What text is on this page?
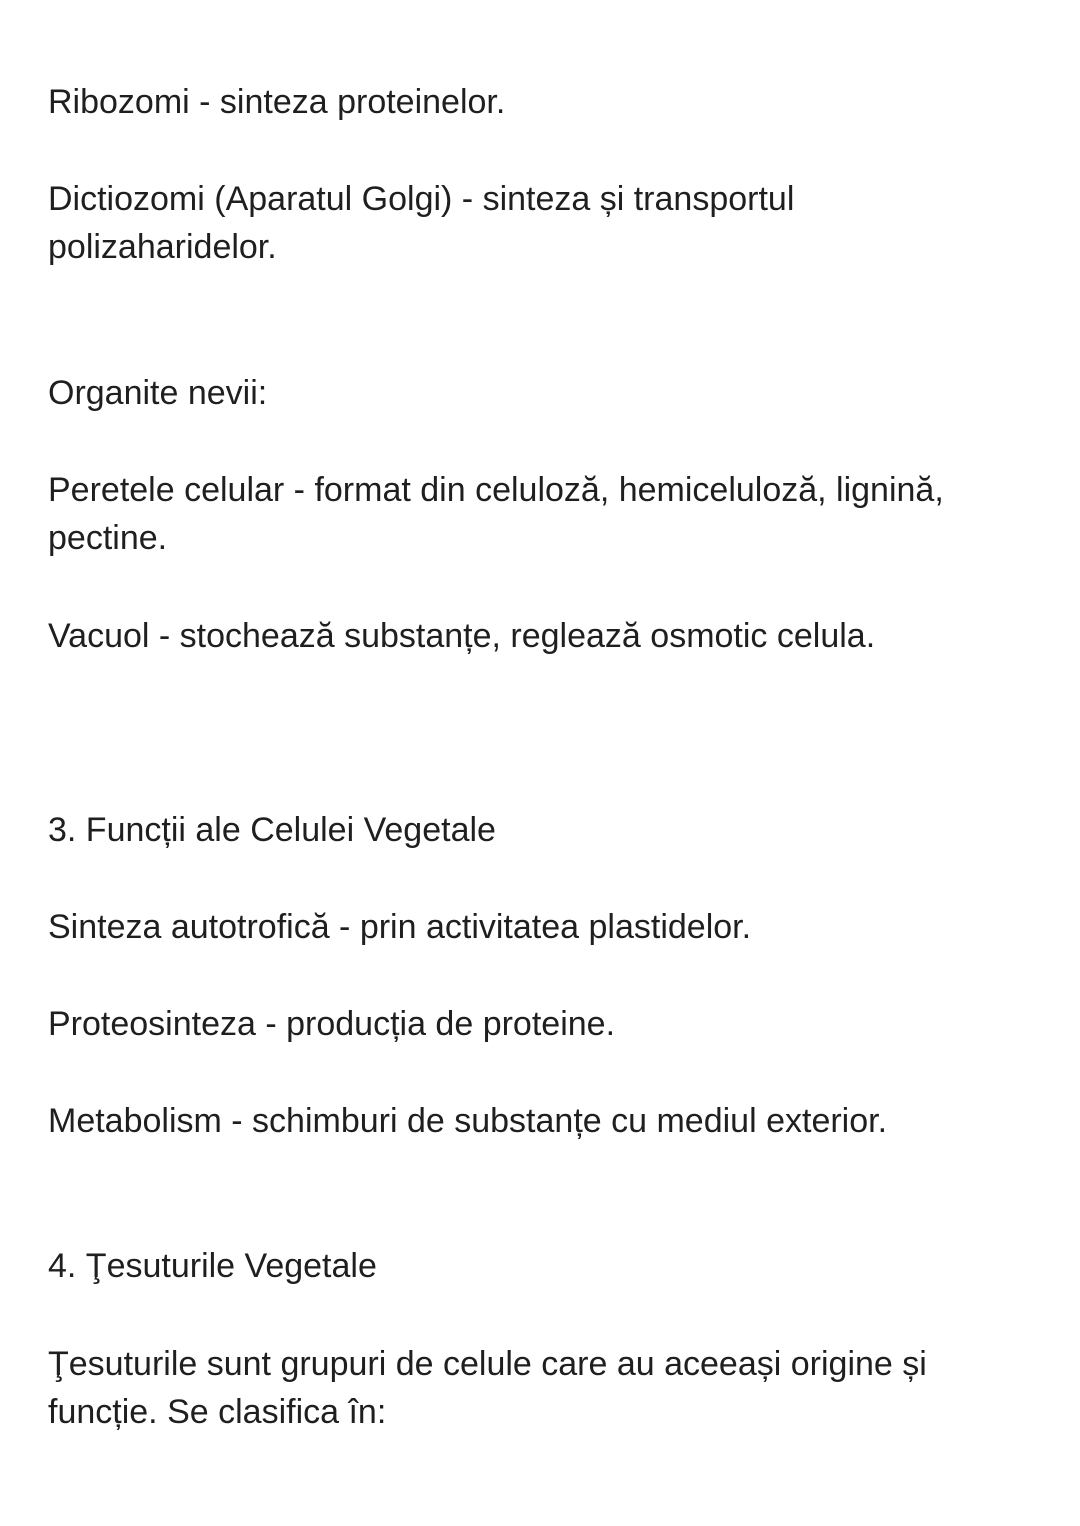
Ribozomi - sinteza proteinelor.

Dictiozomi (Aparatul Golgi) - sinteza și transportul polizaharidelor.

Organite nevii:

Peretele celular - format din celuloză, hemiceluloză, lignină, pectine.

Vacuol - stochează substanțe, reglează osmotic celula.

3. Funcții ale Celulei Vegetale

Sinteza autotrofică - prin activitatea plastidelor.

Proteosinteza - producția de proteine.

Metabolism - schimburi de substanțe cu mediul exterior.

4. Ţesuturile Vegetale

Ţesuturile sunt grupuri de celule care au aceeași origine și funcție. Se clasifica în:
